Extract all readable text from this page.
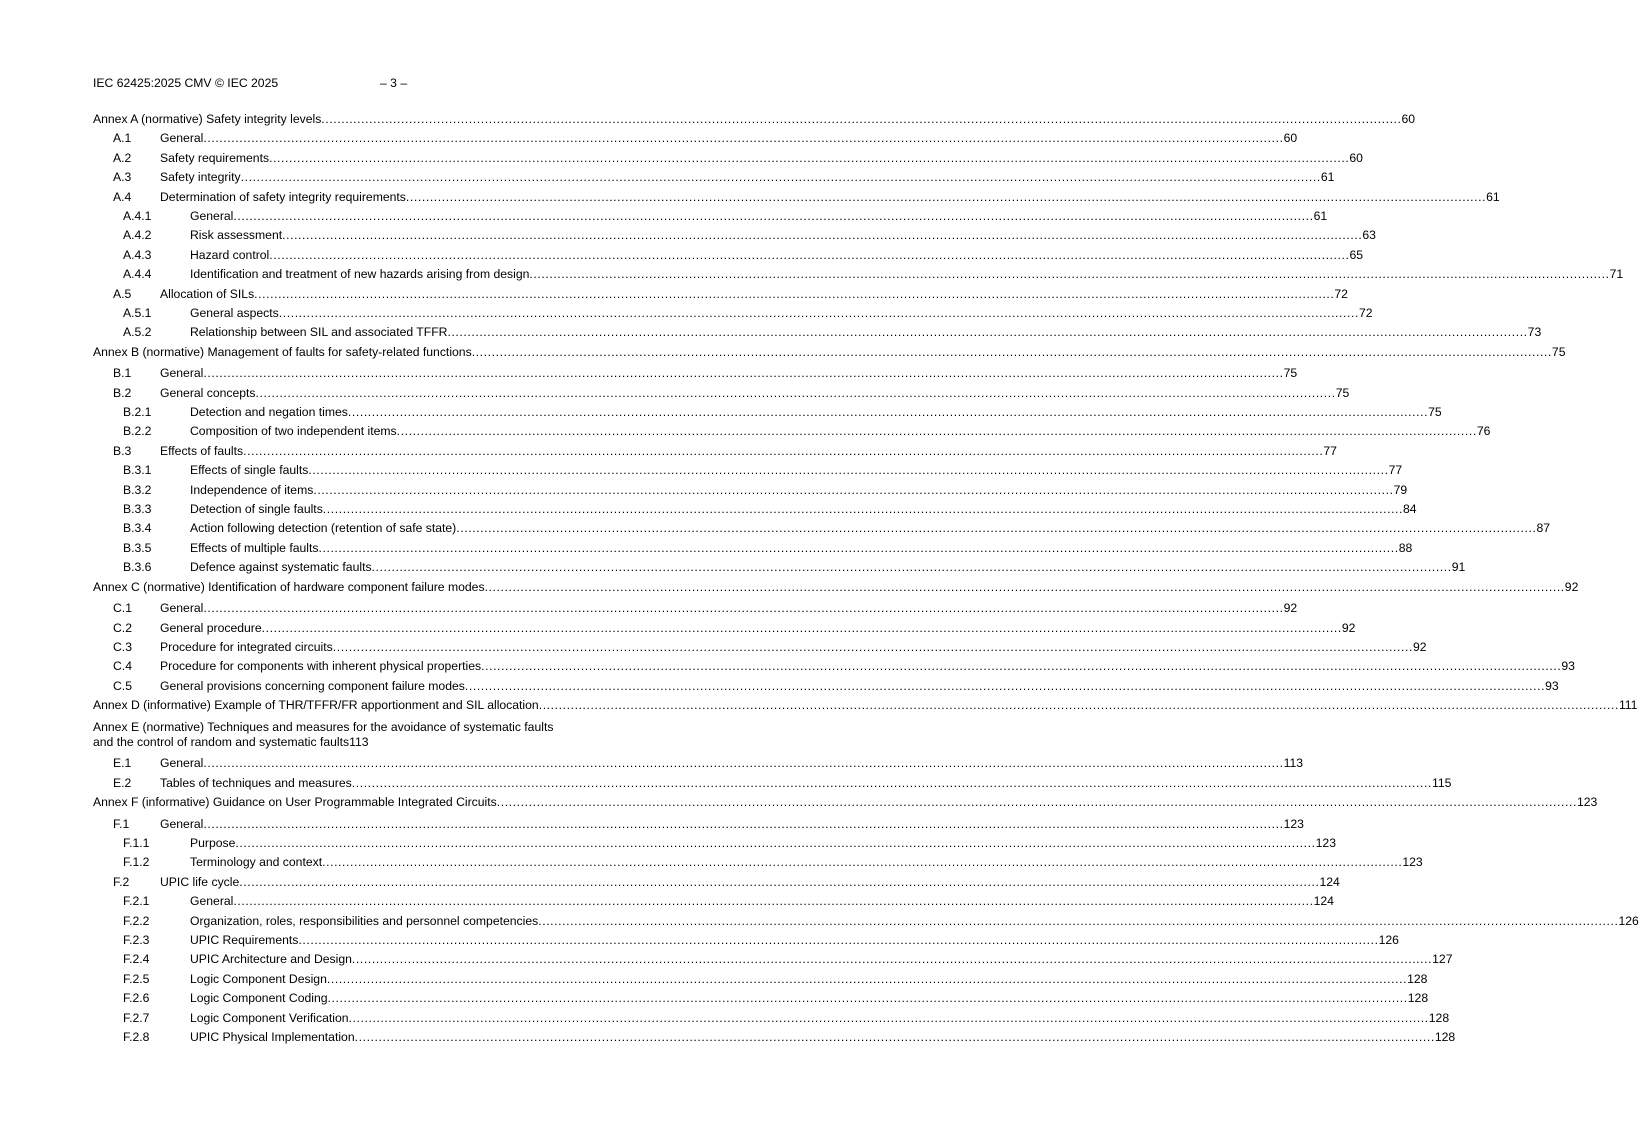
IEC 62425:2025 CMV © IEC 2025	– 3 –
Annex A (normative) Safety integrity levels .....	60
A.1	General .....	60
A.2	Safety requirements .....	60
A.3	Safety integrity .....	61
A.4	Determination of safety integrity requirements .....	61
A.4.1	General .....	61
A.4.2	Risk assessment .....	63
A.4.3	Hazard control .....	65
A.4.4	Identification and treatment of new hazards arising from design .....	71
A.5	Allocation of SILs .....	72
A.5.1	General aspects .....	72
A.5.2	Relationship between SIL and associated TFFR .....	73
Annex B (normative) Management of faults for safety-related functions .....	75
B.1	General .....	75
B.2	General concepts .....	75
B.2.1	Detection and negation times .....	75
B.2.2	Composition of two independent items .....	76
B.3	Effects of faults .....	77
B.3.1	Effects of single faults .....	77
B.3.2	Independence of items .....	79
B.3.3	Detection of single faults .....	84
B.3.4	Action following detection (retention of safe state) .....	87
B.3.5	Effects of multiple faults .....	88
B.3.6	Defence against systematic faults .....	91
Annex C (normative) Identification of hardware component failure modes .....	92
C.1	General .....	92
C.2	General procedure .....	92
C.3	Procedure for integrated circuits .....	92
C.4	Procedure for components with inherent physical properties .....	93
C.5	General provisions concerning component failure modes .....	93
Annex D (informative) Example of THR/TFFR/FR apportionment and SIL allocation .....	111
Annex E (normative) Techniques and measures for the avoidance of systematic faults
and the control of random and systematic faults 113
E.1	General .....	113
E.2	Tables of techniques and measures .....	115
Annex F (informative) Guidance on User Programmable Integrated Circuits .....	123
F.1	General .....	123
F.1.1	Purpose .....	123
F.1.2	Terminology and context .....	123
F.2	UPIC life cycle .....	124
F.2.1	General .....	124
F.2.2	Organization, roles, responsibilities and personnel competencies .....	126
F.2.3	UPIC Requirements .....	126
F.2.4	UPIC Architecture and Design .....	127
F.2.5	Logic Component Design .....	128
F.2.6	Logic Component Coding .....	128
F.2.7	Logic Component Verification .....	128
F.2.8	UPIC Physical Implementation .....	128
